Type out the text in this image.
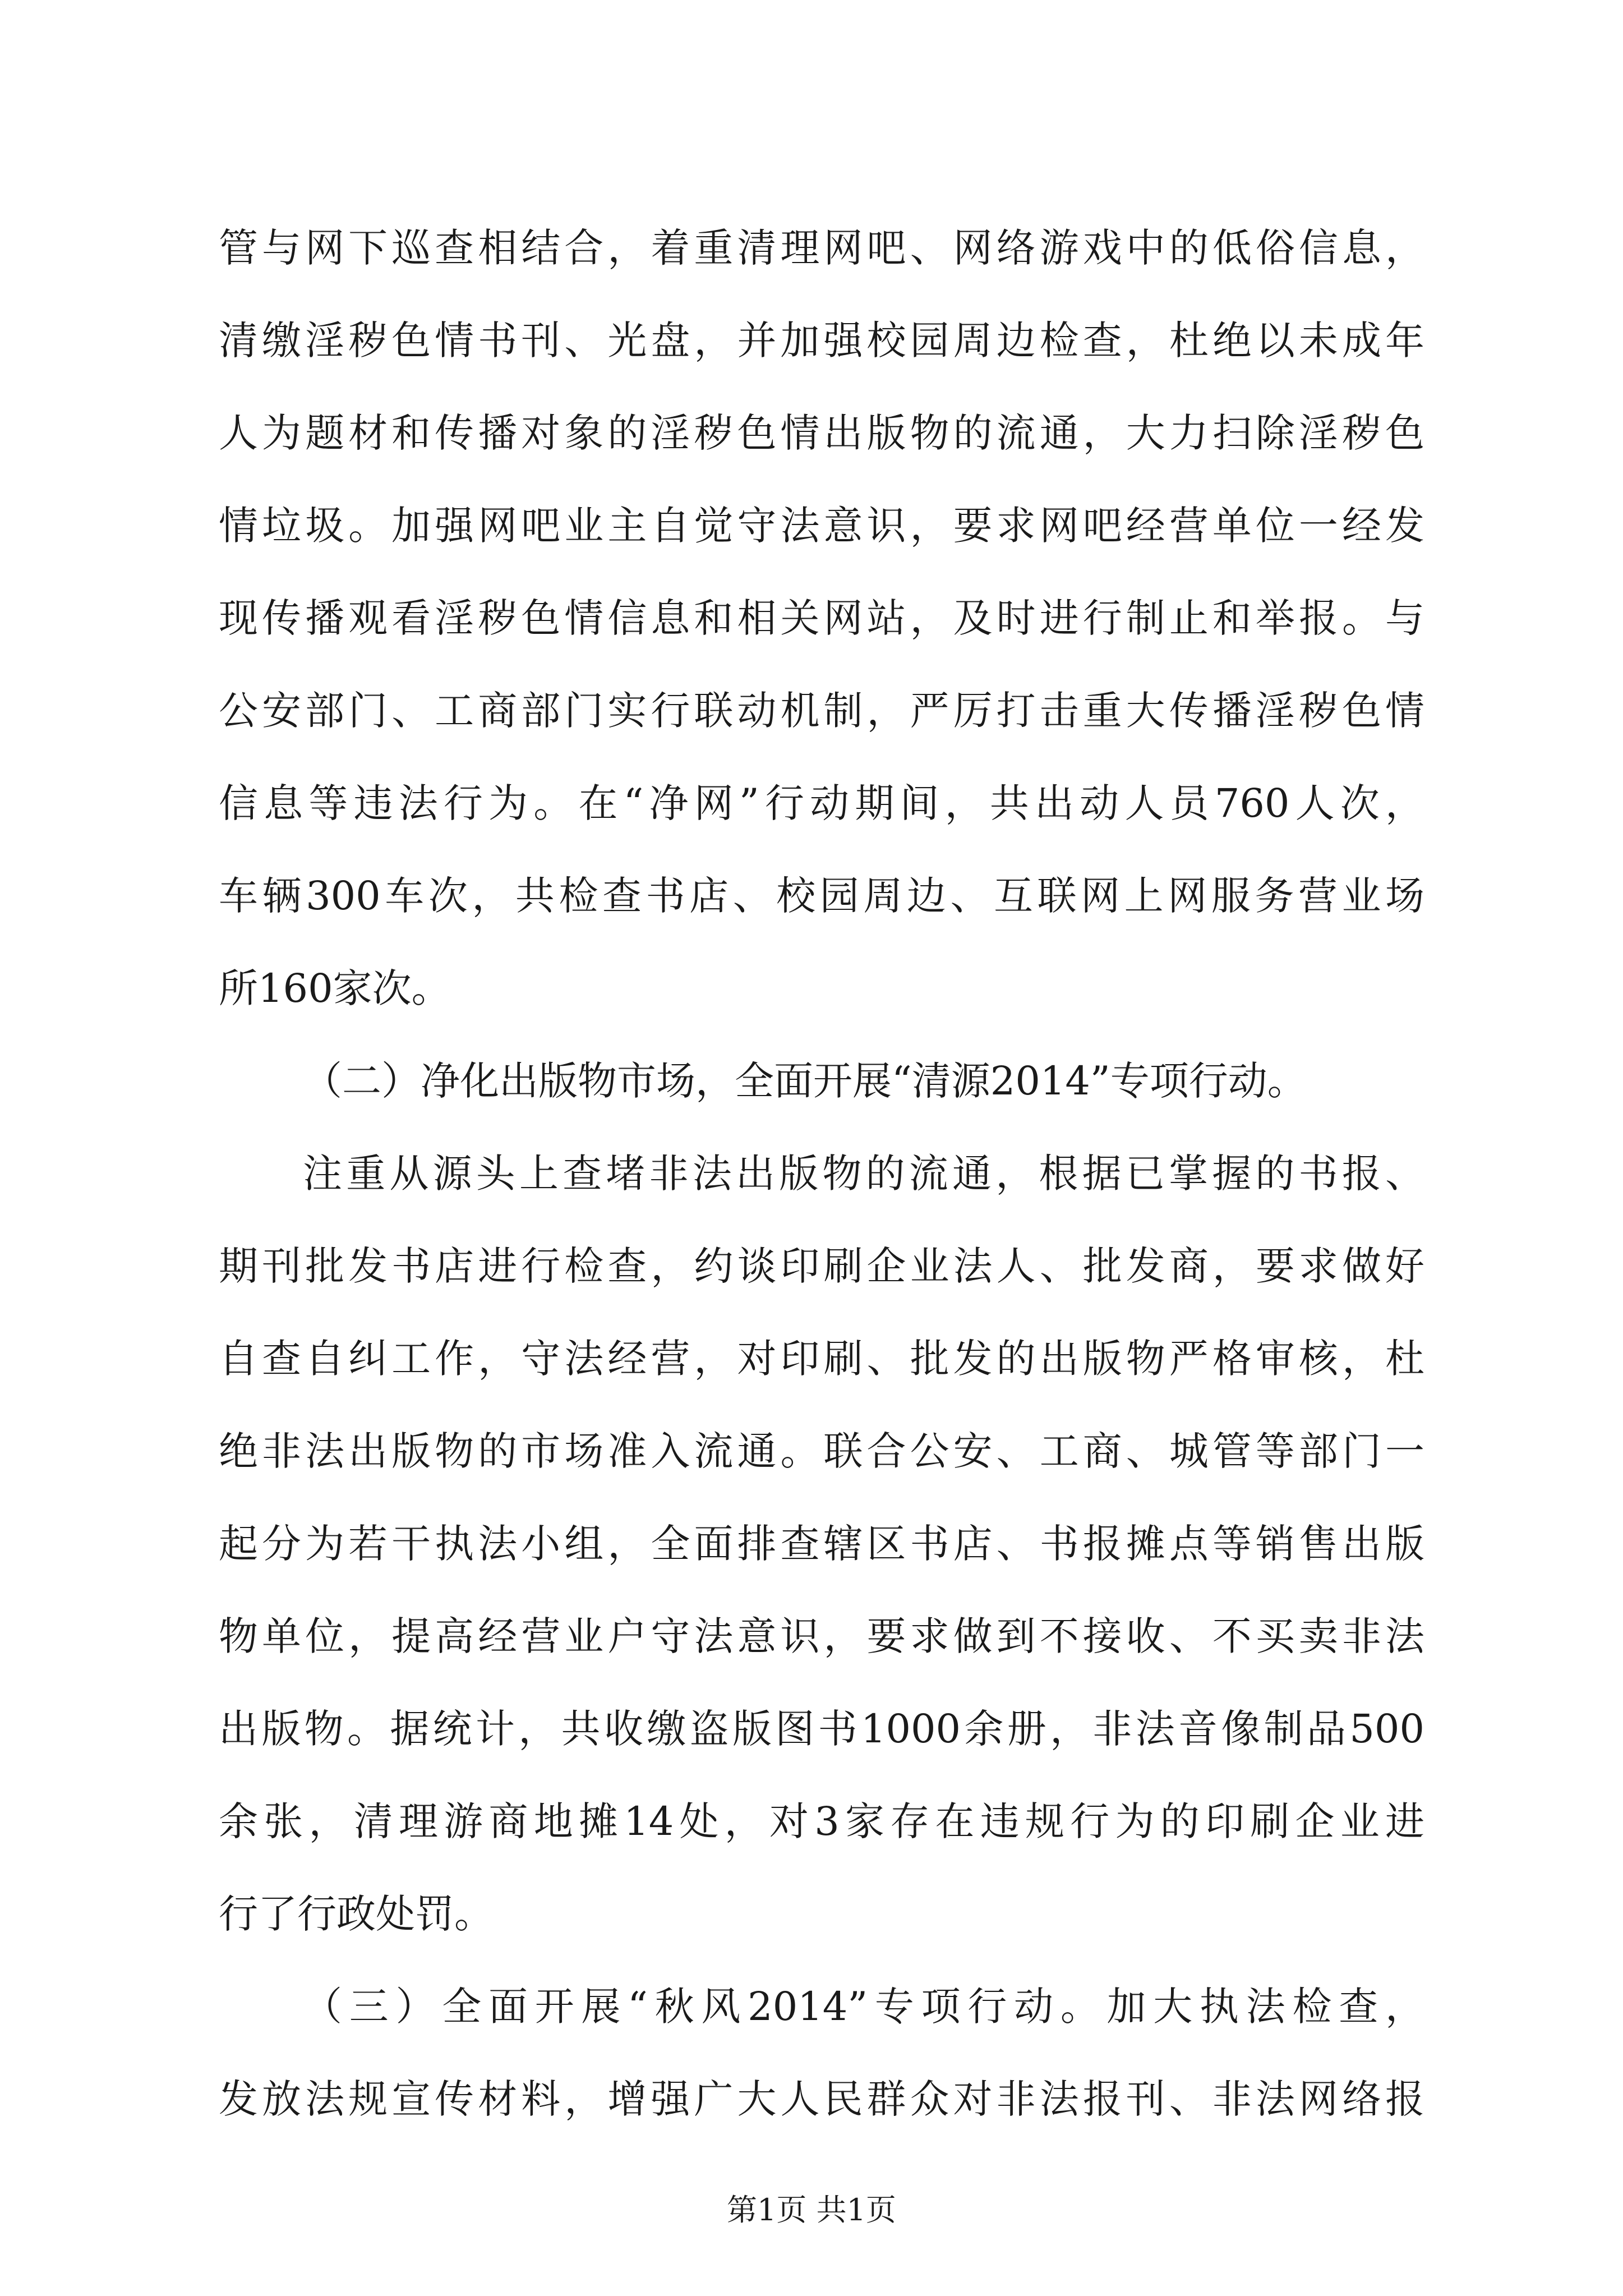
管与网下巡查相结合，着重清理网吧、网络游戏中的低俗信息，
清缴淫秽色情书刊、光盘，并加强校园周边检查，杜绝以未成年
人为题材和传播对象的淫秽色情出版物的流通，大力扫除淫秽色
情垃圾。加强网吧业主自觉守法意识，要求网吧经营单位一经发
现传播观看淫秽色情信息和相关网站，及时进行制止和举报。与
公安部门、工商部门实行联动机制，严厉打击重大传播淫秽色情
信息等违法行为。在“净网”行动期间，共出动人员760人次，
车辆300车次，共检查书店、校园周边、互联网上网服务营业场
所160家次。
（二）净化出版物市场，全面开展“清源2014”专项行动。
注重从源头上查堵非法出版物的流通，根据已掌握的书报、
期刊批发书店进行检查，约谈印刷企业法人、批发商，要求做好
自查自纠工作，守法经营，对印刷、批发的出版物严格审核，杜
绝非法出版物的市场准入流通。联合公安、工商、城管等部门一
起分为若干执法小组，全面排查辖区书店、书报摊点等销售出版
物单位，提高经营业户守法意识，要求做到不接收、不买卖非法
出版物。据统计，共收缴盗版图书1000余册，非法音像制品500
余张，清理游商地摊14处，对3家存在违规行为的印刷企业进
行了行政处罚。
（三）全面开展“秋风2014”专项行动。加大执法检查，
发放法规宣传材料，增强广大人民群众对非法报刊、非法网络报
第1页 共1页
